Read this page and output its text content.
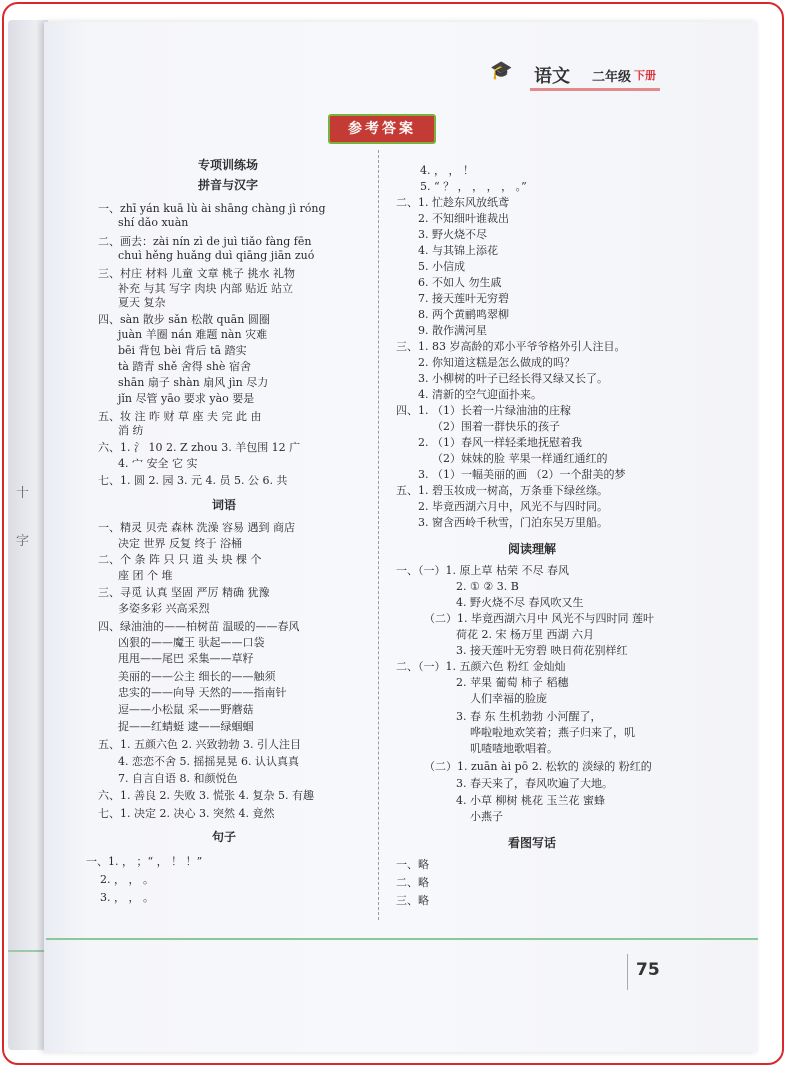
十
字
🎓 语文 二年级 下册
参考答案
专项训练场
拼音与汉字
一、zhī yán kuā lù ài shāng chàng jì róng
shí dǎo xuàn
二、画去：zài nín zì de juì tiǎo fàng fēn
chuì hěng huǎng duì qiāng jiān zuó
三、村庄 材料 儿童 文章 桃子 挑水 礼物
补充 与其 写字 肉块 内部 贴近 站立
夏天 复杂
四、sàn 散步 sǎn 松散 quān 圆圈
juàn 羊圈 nán 难题 nàn 灾难
bēi 背包 bèi 背后 tā 踏实
tà 踏青 shě 舍得 shè 宿舍
shān 扇子 shàn 扇风 jìn 尽力
jǐn 尽管 yāo 要求 yào 要是
五、妆 注 昨 财 草 座 夫 完 此 由
消 纺
六、1. 氵 10 2. Z zhou 3. 羊包围 12 广
4. 宀 安全 它 实
七、1. 圆 2. 园 3. 元 4. 员 5. 公 6. 共
词语
一、精灵 贝壳 森林 洗澡 容易 遇到 商店
决定 世界 反复 终于 浴桶
二、个 条 阵 只 只 道 头 块 棵 个
座 团 个 堆
三、寻觅 认真 坚固 严厉 精确 犹豫
多姿多彩 兴高采烈
四、绿油油的——柏树苗 温暖的——春风
凶狠的——魔王 驮起——口袋
甩甩——尾巴 采集——草籽
美丽的——公主 细长的——触须
忠实的——向导 天然的——指南针
逗——小松鼠 采——野蘑菇
捉——红蜻蜓 逮——绿蝈蝈
五、1. 五颜六色 2. 兴致勃勃 3. 引人注目
4. 恋恋不舍 5. 摇摇晃晃 6. 认认真真
7. 自言自语 8. 和颜悦色
六、1. 善良 2. 失败 3. 慌张 4. 复杂 5. 有趣
七、1. 决定 2. 决心 3. 突然 4. 竟然
句子
一、1. ， ；“ ， ！ ！”
2. ， ， 。
3. ， ， 。
4. ， ， ！
5. “ ？ ， ， ， ， 。”
二、1. 忙趁东风放纸鸢
2. 不知细叶谁裁出
3. 野火烧不尽
4. 与其锦上添花
5. 小信成
6. 不如人 勿生戚
7. 接天莲叶无穷碧
8. 两个黄鹂鸣翠柳
9. 散作满河星
三、1. 83 岁高龄的邓小平爷爷格外引人注目。
2. 你知道这糕是怎么做成的吗？
3. 小柳树的叶子已经长得又绿又长了。
4. 清新的空气迎面扑来。
四、1. （1）长着一片绿油油的庄稼
（2）围着一群快乐的孩子
2. （1）春风一样轻柔地抚慰着我
（2）妹妹的脸 苹果一样通红通红的
3. （1）一幅美丽的画 （2）一个甜美的梦
五、1. 碧玉妆成一树高，万条垂下绿丝绦。
2. 毕竟西湖六月中，风光不与四时同。
3. 窗含西岭千秋雪，门泊东吴万里船。
阅读理解
一、（一）1. 原上草 枯荣 不尽 春风
2. ① ② 3. B
4. 野火烧不尽 春风吹又生
（二）1. 毕竟西湖六月中 风光不与四时同 莲叶
荷花 2. 宋 杨万里 西湖 六月
3. 接天莲叶无穷碧 映日荷花别样红
二、（一）1. 五颜六色 粉红 金灿灿
2. 苹果 葡萄 柿子 稻穗
人们幸福的脸庞
3. 春 东 生机勃勃 小河醒了，
哗啦啦地欢笑着；燕子归来了，叽
叽喳喳地歌唱着。
（二）1. zuān ài pō 2. 松软的 淡绿的 粉红的
3. 春天来了，春风吹遍了大地。
4. 小草 柳树 桃花 玉兰花 蜜蜂
小燕子
看图写话
一、略
二、略
三、略
75
